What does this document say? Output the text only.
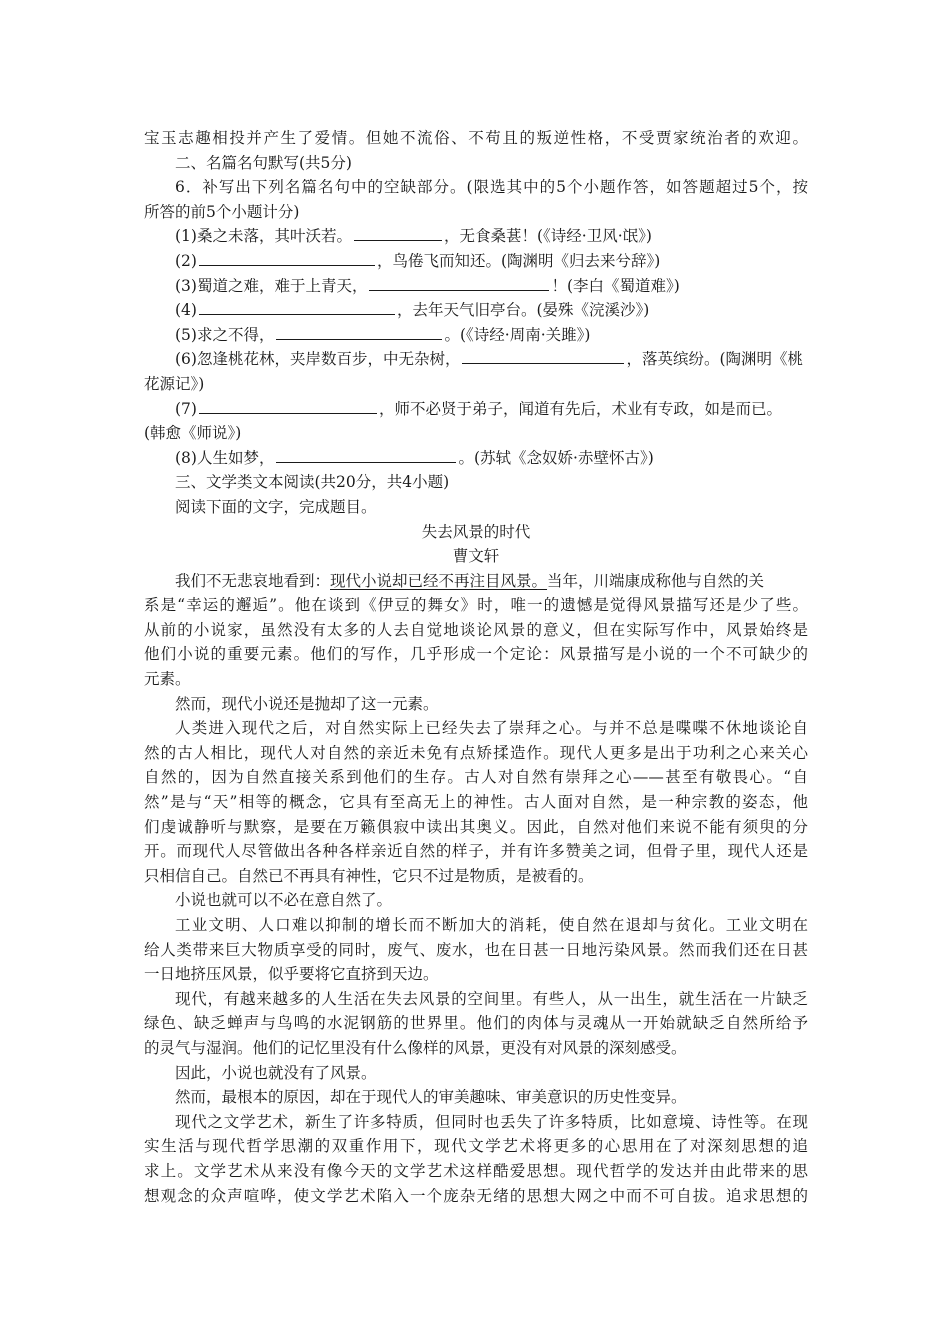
宝玉志趣相投并产生了爱情。但她不流俗、不苟且的叛逆性格，不受贾家统治者的欢迎。
二、名篇名句默写(共5分)
6．补写出下列名篇名句中的空缺部分。(限选其中的5个小题作答，如答题超过5个，按
所答的前5个小题计分)
(1)桑之未落，其叶沃若。	，无食桑葚！(《诗经·卫风·氓》)
(2)	，鸟倦飞而知还。(陶渊明《归去来兮辞》)
(3)蜀道之难，难于上青天，	！(李白《蜀道难》)
(4)	，去年天气旧亭台。(晏殊《浣溪沙》)
(5)求之不得，	。(《诗经·周南·关雎》)
(6)忽逢桃花林，夹岸数百步，中无杂树，	，落英缤纷。(陶渊明《桃
花源记》)
(7)	，师不必贤于弟子，闻道有先后，术业有专政，如是而已。
(韩愈《师说》)
(8)人生如梦，	。(苏轼《念奴娇·赤壁怀古》)
三、文学类文本阅读(共20分，共4小题)
阅读下面的文字，完成题目。
失去风景的时代
曹文轩
我们不无悲哀地看到：现代小说却已经不再注目风景。当年，川端康成称他与自然的关
系是“幸运的邂逅”。他在谈到《伊豆的舞女》时，唯一的遗憾是觉得风景描写还是少了些。
从前的小说家，虽然没有太多的人去自觉地谈论风景的意义，但在实际写作中，风景始终是
他们小说的重要元素。他们的写作，几乎形成一个定论：风景描写是小说的一个不可缺少的
元素。
然而，现代小说还是抛却了这一元素。
人类进入现代之后，对自然实际上已经失去了崇拜之心。与并不总是喋喋不休地谈论自
然的古人相比，现代人对自然的亲近未免有点矫揉造作。现代人更多是出于功利之心来关心
自然的，因为自然直接关系到他们的生存。古人对自然有崇拜之心——甚至有敬畏心。“自
然”是与“天”相等的概念，它具有至高无上的神性。古人面对自然，是一种宗教的姿态，他
们虔诚静听与默察，是要在万籁俱寂中读出其奥义。因此，自然对他们来说不能有须臾的分
开。而现代人尽管做出各种各样亲近自然的样子，并有许多赞美之词，但骨子里，现代人还是
只相信自己。自然已不再具有神性，它只不过是物质，是被看的。
小说也就可以不必在意自然了。
工业文明、人口难以抑制的增长而不断加大的消耗，使自然在退却与贫化。工业文明在
给人类带来巨大物质享受的同时，废气、废水，也在日甚一日地污染风景。然而我们还在日甚
一日地挤压风景，似乎要将它直挤到天边。
现代，有越来越多的人生活在失去风景的空间里。有些人，从一出生，就生活在一片缺乏
绿色、缺乏蝉声与鸟鸣的水泥钢筋的世界里。他们的肉体与灵魂从一开始就缺乏自然所给予
的灵气与湿润。他们的记忆里没有什么像样的风景，更没有对风景的深刻感受。
因此，小说也就没有了风景。
然而，最根本的原因，却在于现代人的审美趣味、审美意识的历史性变异。
现代之文学艺术，新生了许多特质，但同时也丢失了许多特质，比如意境、诗性等。在现
实生活与现代哲学思潮的双重作用下，现代文学艺术将更多的心思用在了对深刻思想的追
求上。文学艺术从来没有像今天的文学艺术这样酷爱思想。现代哲学的发达并由此带来的思
想观念的众声喧哗，使文学艺术陷入一个庞杂无绪的思想大网之中而不可自拔。追求思想的
